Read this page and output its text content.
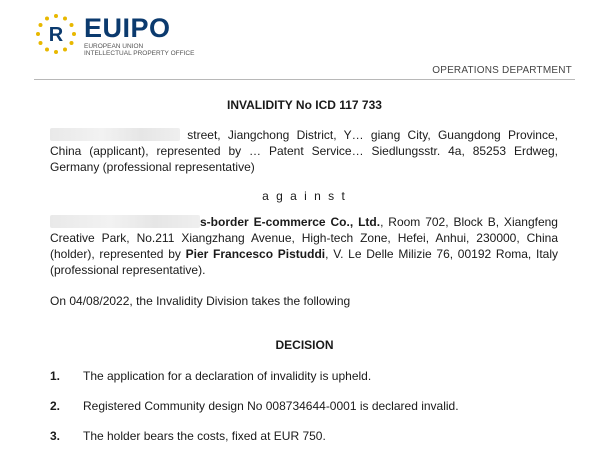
R EUIPO
EUROPEAN UNION
INTELLECTUAL PROPERTY OFFICE
OPERATIONS DEPARTMENT
INVALIDITY No ICD 117 733
street, Jiangchong District, Y… giang City, Guangdong Province, China (applicant), represented by … Patent Service… Siedlungsstr. 4a, 85253 Erdweg, Germany (professional representative)
a g a i n s t
s-border E-commerce Co., Ltd., Room 702, Block B, Xiangfeng Creative Park, No.211 Xiangzhang Avenue, High-tech Zone, Hefei, Anhui, 230000, China (holder), represented by Pier Francesco Pistuddi, V. Le Delle Milizie 76, 00192 Roma, Italy (professional representative).
On 04/08/2022, the Invalidity Division takes the following
DECISION
1. The application for a declaration of invalidity is upheld.
2. Registered Community design No 008734644-0001 is declared invalid.
3. The holder bears the costs, fixed at EUR 750.
